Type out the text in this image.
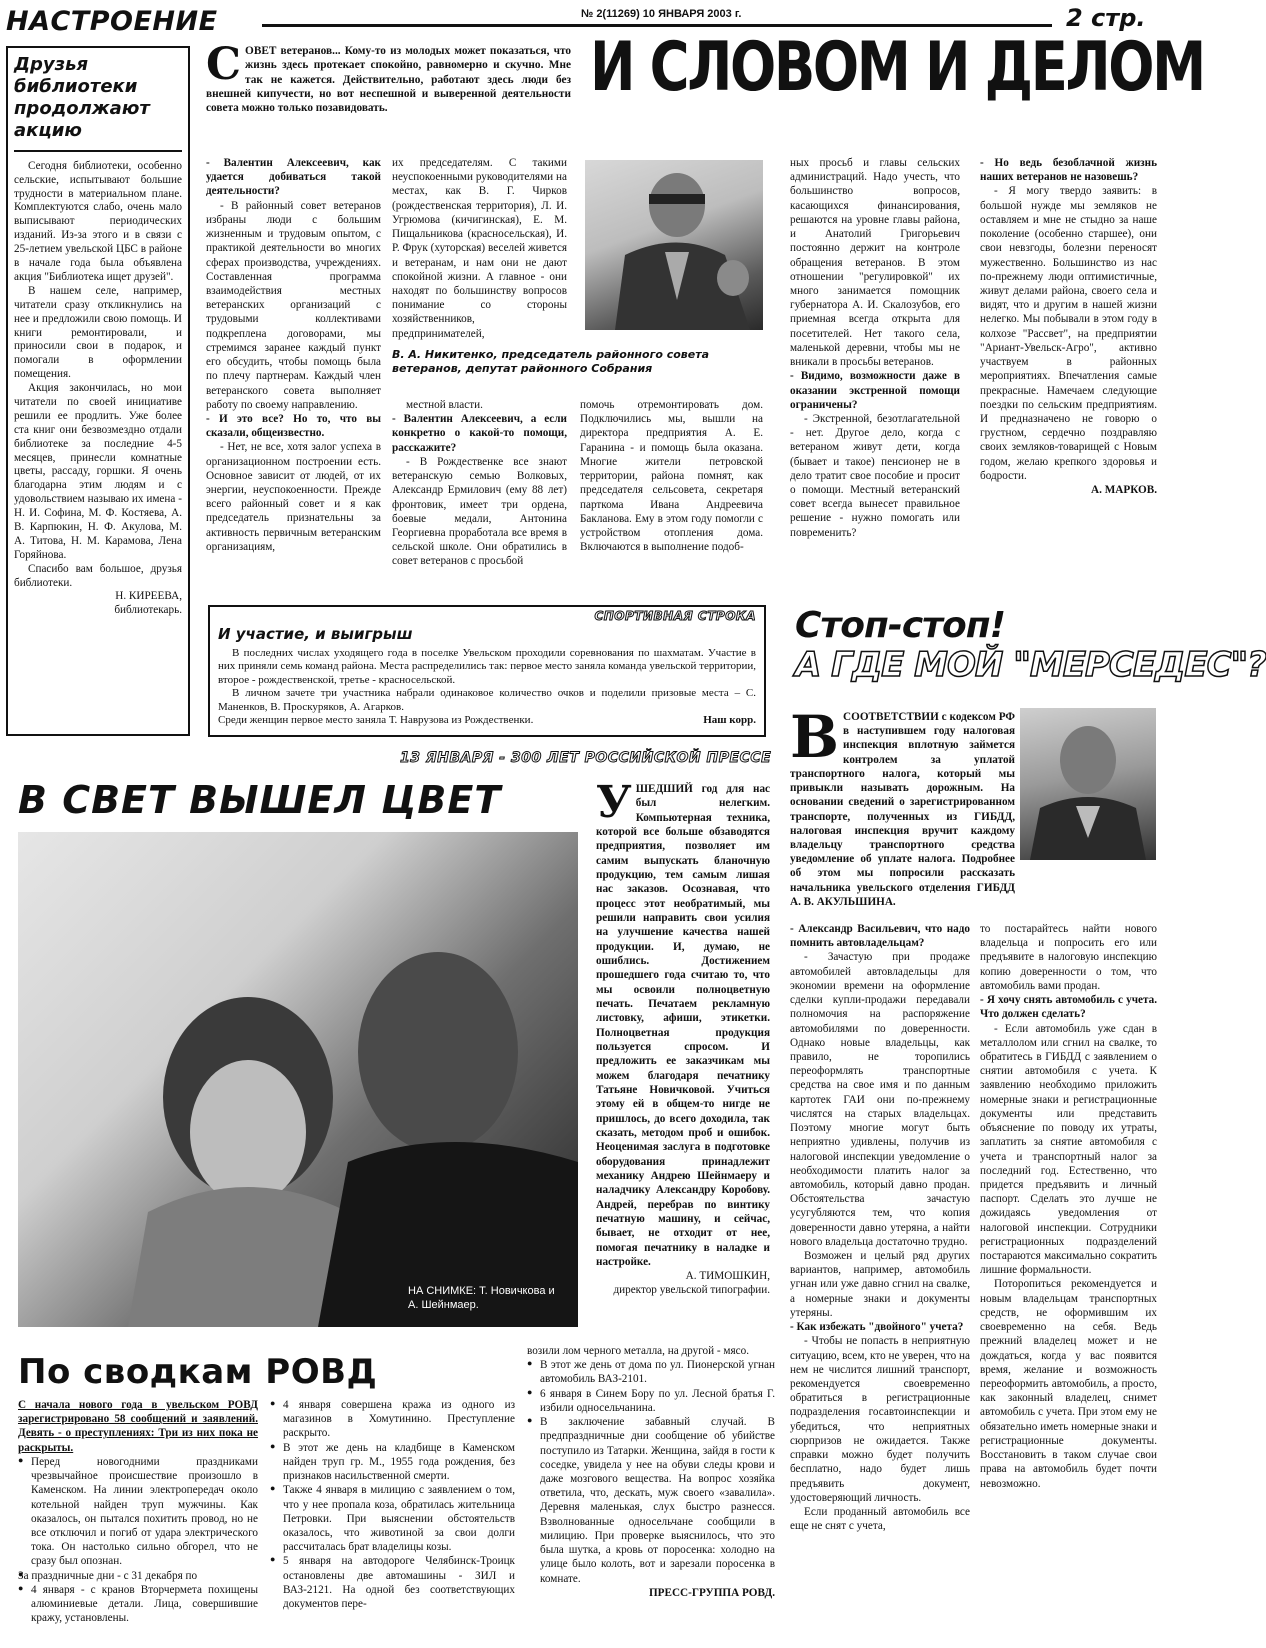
НАСТРОЕНИЕ	№ 2(11269) 10 ЯНВАРЯ 2003 г.	2 стр.
Друзья библиотеки продолжают акцию

Сегодня библиотеки, особенно сельские, испытывают большие трудности в материальном плане. Комплектуются слабо, очень мало выписывают периодических изданий. Из-за этого и в связи с 25-летием увельской ЦБС в районе в начале года была объявлена акция "Библиотека ищет друзей".

В нашем селе, например, читатели сразу откликнулись на нее и предложили свою помощь. И книги ремонтировали, и приносили свои в подарок, и помогали в оформлении помещения.

Акция закончилась, но мои читатели по своей инициативе решили ее продлить. Уже более ста книг они безвозмездно отдали библиотеке за последние 4-5 месяцев, принесли комнатные цветы, рассаду, горшки. Я очень благодарна этим людям и с удовольствием называю их имена - Н. И. Софина, М. Ф. Костяева, А. В. Карпюкин, Н. Ф. Акулова, М. А. Титова, Н. М. Карамова, Лена Горяйнова.

Спасибо вам большое, друзья библиотеки.

Н. КИРЕЕВА,
библиотекарь.
С ОВЕТ ветеранов... Кому-то из молодых может показаться, что жизнь здесь протекает спокойно, равномерно и скучно. Мне так не кажется. Действительно, работают здесь люди без внешней кипучести, но вот неспешной и выверенной деятельности совета можно только позавидовать.
И СЛОВОМ И ДЕЛОМ

- Валентин Алексеевич, как удается добиваться такой деятельности?

- В районный совет ветеранов избраны люди с большим жизненным и трудовым опытом, с практикой деятельности во многих сферах производства, учреждениях. Составленная программа взаимодействия местных ветеранских организаций с трудовыми коллективами подкреплена договорами, мы стремимся заранее каждый пункт его обсудить, чтобы помощь была по плечу партнерам. Каждый член ветеранского совета выполняет работу по своему направлению.

- И это все? Но то, что вы сказали, общеизвестно.

- Нет, не все, хотя залог успеха в организационном построении есть. Основное зависит от людей, от их энергии, неуспокоенности. Прежде всего районный совет и я как председатель признательны за активность первичным ветеранским организациям,

их председателям. С такими неуспокоенными руководителями на местах, как В. Г. Чирков (рождественская территория), Л. И. Угрюмова (кичигинская), Е. М. Пищальникова (красносельская), И. Р. Фрук (хуторская) веселей живется и ветеранам, и нам они не дают спокойной жизни. А главное - они находят по большинству вопросов понимание со стороны хозяйственников, предпринимателей,

В. А. Никитенко, председатель районного совета ветеранов, депутат районного Собрания

местной власти.

- Валентин Алексеевич, а если конкретно о какой-то помощи, расскажите?

- В Рождественке все знают ветеранскую семью Волковых, Александр Ермилович (ему 88 лет) фронтовик, имеет три ордена, боевые медали, Антонина Георгиевна проработала все время в сельской школе. Они обратились в совет ветеранов с просьбой

помочь отремонтировать дом. Подключились мы, вышли на директора предприятия А. Е. Гаранина - и помощь была оказана. Многие жители петровской территории, района помнят, как председателя сельсовета, секретаря парткома Ивана Андреевича Бакланова. Ему в этом году помогли с устройством отопления дома. Включаются в выполнение подоб-

ных просьб и главы сельских администраций. Надо учесть, что большинство вопросов, касающихся финансирования, решаются на уровне главы района, и Анатолий Григорьевич постоянно держит на контроле обращения ветеранов. В этом отношении "регулировкой" их много занимается помощник губернатора А. И. Скалозубов, его приемная всегда открыта для посетителей. Нет такого села, маленькой деревни, чтобы мы не вникали в просьбы ветеранов.

- Видимо, возможности даже в оказании экстренной помощи ограничены?

- Экстренной, безотлагательной - нет. Другое дело, когда с ветераном живут дети, когда (бывает и такое) пенсионер не в дело тратит свое пособие и просит о помощи. Местный ветеранский совет всегда вынесет правильное решение - нужно помогать или повременить?

- Но ведь безоблачной жизнь наших ветеранов не назовешь?

- Я могу твердо заявить: в большой нужде мы земляков не оставляем и мне не стыдно за наше поколение (особенно старшее), они свои невзгоды, болезни переносят мужественно. Большинство из нас по-прежнему люди оптимистичные, живут делами района, своего села и видят, что и другим в нашей жизни нелегко. Мы побывали в этом году в колхозе "Рассвет", на предприятии "Ариант-Увельск-Агро", активно участвуем в районных мероприятиях. Впечатления самые прекрасные. Намечаем следующие поездки по сельским предприятиям. И предназначено не говорю о грустном, сердечно поздравляю своих земляков-товарищей с Новым годом, желаю крепкого здоровья и бодрости.

А. МАРКОВ.
СПОРТИВНАЯ СТРОКА
И участие, и выигрыш

В последних числах уходящего года в поселке Увельском проходили соревнования по шахматам. Участие в них приняли семь команд района. Места распределились так: первое место заняла команда увельской территории, второе - рождественской, третье - красносельской.

В личном зачете три участника набрали одинаковое количество очков и поделили призовые места – С. Маненков, В. Проскуряков, А. Агарков.

Среди женщин первое место заняла Т. Наврузова из Рождественки.	Наш корр.
13 ЯНВАРЯ - 300 ЛЕТ РОССИЙСКОЙ ПРЕССЕ
В СВЕТ ВЫШЕЛ ЦВЕТ
НА СНИМКЕ: Т. Новичкова и А. Шейнмаер.
У ШЕДШИЙ год для нас был нелегким. Компьютерная техника, которой все больше обзаводятся предприятия, позволяет им самим выпускать бланочную продукцию, тем самым лишая нас заказов. Осознавая, что процесс этот необратимый, мы решили направить свои усилия на улучшение качества нашей продукции. И, думаю, не ошиблись. Достижением прошедшего года считаю то, что мы освоили полноцветную печать. Печатаем рекламную листовку, афиши, этикетки. Полноцветная продукция пользуется спросом. И предложить ее заказчикам мы можем благодаря печатнику Татьяне Новичковой. Учиться этому ей в общем-то нигде не пришлось, до всего доходила, так сказать, методом проб и ошибок. Неоценимая заслуга в подготовке оборудования принадлежит механику Андрею Шейнмаеру и наладчику Александру Коробову. Андрей, перебрав по винтику печатную машину, и сейчас, бывает, не отходит от нее, помогая печатнику в наладке и настройке.
А. ТИМОШКИН,
директор увельской типографии.
Стоп-стоп!
А ГДЕ МОЙ "МЕРСЕДЕС"?
В СООТВЕТСТВИИ с кодексом РФ в наступившем году налоговая инспекция вплотную займется контролем за уплатой транспортного налога, который мы привыкли называть дорожным. На основании сведений о зарегистрированном транспорте, полученных из ГИБДД, налоговая инспекция вручит каждому владельцу транспортного средства уведомление об уплате налога. Подробнее об этом мы попросили рассказать начальника увельского отделения ГИБДД А. В. АКУЛЬШИНА.

- Александр Васильевич, что надо помнить автовладельцам?

- Зачастую при продаже автомобилей автовладельцы для экономии времени на оформление сделки купли-продажи передавали полномочия на распоряжение автомобилями по доверенности. Однако новые владельцы, как правило, не торопились переоформлять транспортные средства на свое имя и по данным картотек ГАИ они по-прежнему числятся на старых владельцах. Поэтому многие могут быть неприятно удивлены, получив из налоговой инспекции уведомление о необходимости платить налог за автомобиль, который давно продан. Обстоятельства зачастую усугубляются тем, что копия доверенности давно утеряна, а найти нового владельца достаточно трудно.

Возможен и целый ряд других вариантов, например, автомобиль угнан или уже давно сгнил на свалке, а номерные знаки и документы утеряны.

- Как избежать "двойного" учета?

- Чтобы не попасть в неприятную ситуацию, всем, кто не уверен, что на нем не числится лишний транспорт, рекомендуется своевременно обратиться в регистрационные подразделения госавтоинспекции и убедиться, что неприятных сюрпризов не ожидается. Также справки можно будет получить бесплатно, надо будет лишь предъявить документ, удостоверяющий личность.

Если проданный автомобиль все еще не снят с учета,

то постарайтесь найти нового владельца и попросить его или предъявите в налоговую инспекцию копию доверенности о том, что автомобиль вами продан.

- Я хочу снять автомобиль с учета. Что должен сделать?

- Если автомобиль уже сдан в металлолом или сгнил на свалке, то обратитесь в ГИБДД с заявлением о снятии автомобиля с учета. К заявлению необходимо приложить номерные знаки и регистрационные документы или представить объяснение по поводу их утраты, заплатить за снятие автомобиля с учета и транспортный налог за последний год. Естественно, что придется предъявить и личный паспорт. Сделать это лучше не дожидаясь уведомления от налоговой инспекции. Сотрудники регистрационных подразделений постараются максимально сократить лишние формальности.

Поторопиться рекомендуется и новым владельцам транспортных средств, не оформившим их своевременно на себя. Ведь прежний владелец может и не дождаться, когда у вас появится время, желание и возможность переоформить автомобиль, а просто, как законный владелец, снимет автомобиль с учета. При этом ему не обязательно иметь номерные знаки и регистрационные документы. Восстановить в таком случае свои права на автомобиль будет почти невозможно.

По сводкам РОВД

С начала нового года в увельском РОВД зарегистрировано 58 сообщений и заявлений. Девять - о преступлениях: Три из них пока не раскрыты.

● Перед новогодними праздниками чрезвычайное происшествие произошло в Каменском. На линии электропередач около котельной найден труп мужчины. Как оказалось, он пытался похитить провод, но не все отключил и погиб от удара электрического тока. Он настолько сильно обгорел, что не сразу был опознан.
● За праздничные дни - с 31 декабря по
● 4 января - с кранов Вторчермета похищены алюминиевые детали. Лица, совершившие кражу, установлены.
● 4 января совершена кража из одного из магазинов в Хомутинино. Преступление раскрыто.
● В этот же день на кладбище в Каменском найден труп гр. М., 1955 года рождения, без признаков насильственной смерти.
● Также 4 января в милицию с заявлением о том, что у нее пропала коза, обратилась жительница Петровки. При выяснении обстоятельств оказалось, что животиной за свои долги рассчиталась брат владелицы козы.
● 5 января на автодороге Челябинск-Троицк остановлены две автомашины - ЗИЛ и ВАЗ-2121. На одной без соответствующих документов пере-

возили лом черного металла, на другой - мясо.

● В этот же день от дома по ул. Пионерской угнан автомобиль ВАЗ-2101.
● 6 января в Синем Бору по ул. Лесной братья Г. избили односельчанина.
● В заключение забавный случай. В предпраздничные дни сообщение об убийстве поступило из Татарки. Женщина, зайдя в гости к соседке, увидела у нее на обуви следы крови и даже мозгового вещества. На вопрос хозяйка ответила, что, дескать, муж своего «завалила». Деревня маленькая, слух быстро разнесся. Взволнованные односельчане сообщили в милицию. При проверке выяснилось, что это была шутка, а кровь от поросенка: холодно на улице было колоть, вот и зарезали поросенка в комнате.
ПРЕСС-ГРУППА РОВД.
